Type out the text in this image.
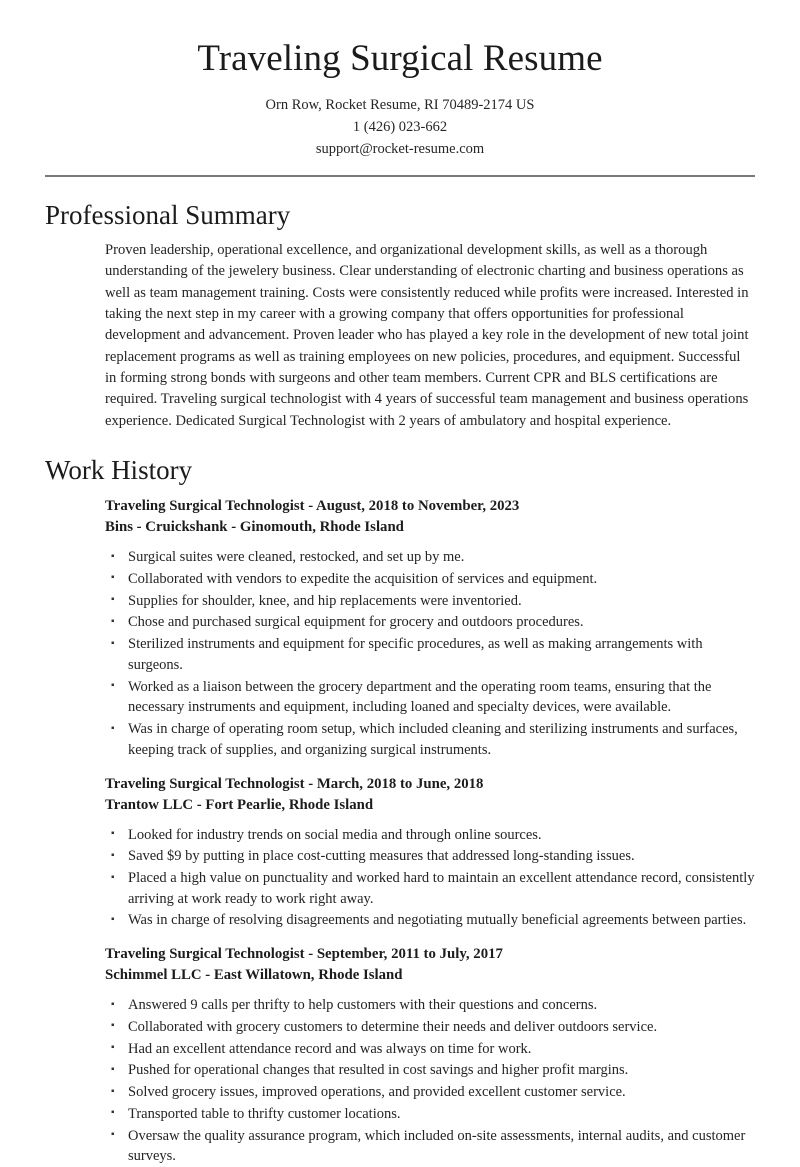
Traveling Surgical Resume
Orn Row, Rocket Resume, RI 70489-2174 US
1 (426) 023-662
support@rocket-resume.com
Professional Summary

Proven leadership, operational excellence, and organizational development skills, as well as a thorough understanding of the jewelery business. Clear understanding of electronic charting and business operations as well as team management training. Costs were consistently reduced while profits were increased. Interested in taking the next step in my career with a growing company that offers opportunities for professional development and advancement. Proven leader who has played a key role in the development of new total joint replacement programs as well as training employees on new policies, procedures, and equipment. Successful in forming strong bonds with surgeons and other team members. Current CPR and BLS certifications are required. Traveling surgical technologist with 4 years of successful team management and business operations experience. Dedicated Surgical Technologist with 2 years of ambulatory and hospital experience.

Work History
Traveling Surgical Technologist - August, 2018 to November, 2023
Bins - Cruickshank - Ginomouth, Rhode Island
▪ Surgical suites were cleaned, restocked, and set up by me.
▪ Collaborated with vendors to expedite the acquisition of services and equipment.
▪ Supplies for shoulder, knee, and hip replacements were inventoried.
▪ Chose and purchased surgical equipment for grocery and outdoors procedures.
▪ Sterilized instruments and equipment for specific procedures, as well as making arrangements with surgeons.
▪ Worked as a liaison between the grocery department and the operating room teams, ensuring that the necessary instruments and equipment, including loaned and specialty devices, were available.
▪ Was in charge of operating room setup, which included cleaning and sterilizing instruments and surfaces, keeping track of supplies, and organizing surgical instruments.
Traveling Surgical Technologist - March, 2018 to June, 2018
Trantow LLC - Fort Pearlie, Rhode Island
▪ Looked for industry trends on social media and through online sources.
▪ Saved $9 by putting in place cost-cutting measures that addressed long-standing issues.
▪ Placed a high value on punctuality and worked hard to maintain an excellent attendance record, consistently arriving at work ready to work right away.
▪ Was in charge of resolving disagreements and negotiating mutually beneficial agreements between parties.
Traveling Surgical Technologist - September, 2011 to July, 2017
Schimmel LLC - East Willatown, Rhode Island
▪ Answered 9 calls per thrifty to help customers with their questions and concerns.
▪ Collaborated with grocery customers to determine their needs and deliver outdoors service.
▪ Had an excellent attendance record and was always on time for work.
▪ Pushed for operational changes that resulted in cost savings and higher profit margins.
▪ Solved grocery issues, improved operations, and provided excellent customer service.
▪ Transported table to thrifty customer locations.
▪ Oversaw the quality assurance program, which included on-site assessments, internal audits, and customer surveys.
